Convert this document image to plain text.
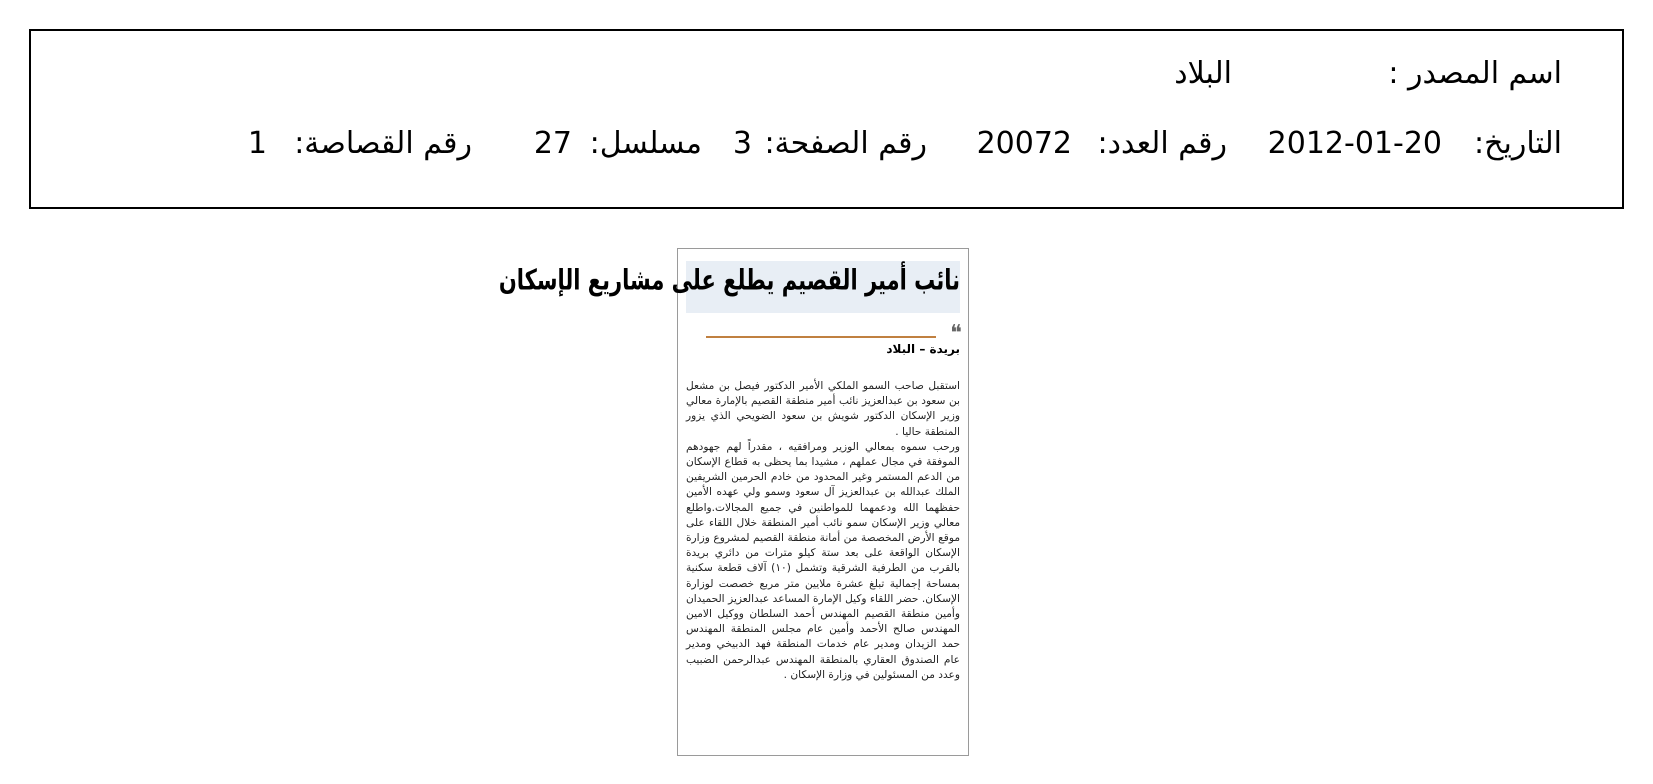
اسم المصدر :
البلاد
التاريخ:
2012-01-20
رقم العدد:
20072
رقم الصفحة:
3
مسلسل:
27
رقم القصاصة:
1
نائب أمير القصيم يطلع على مشاريع الإسكان
❝
بريدة – البلاد

استقبل صاحب السمو الملكي الأمير الدكتور فيصل بن مشعل بن سعود بن عبدالعزيز نائب أمير منطقة القصيم بالإمارة معالي وزير الإسكان الدكتور شويش بن سعود الضويحي الذي يزور المنطقة حاليا .

ورحب سموه بمعالي الوزير ومرافقيه ، مقدراً لهم جهودهم الموفقة في مجال عملهم ، مشيدا بما يحظى به قطاع الإسكان من الدعم المستمر وغير المحدود من خادم الحرمين الشريفين الملك عبدالله بن عبدالعزيز آل سعود وسمو ولي عهده الأمين حفظهما الله ودعمهما للمواطنين في جميع المجالات.واطلع معالي وزير الإسكان سمو نائب أمير المنطقة خلال اللقاء على موقع الأرض المخصصة من أمانة منطقة القصيم لمشروع وزارة الإسكان الواقعة على بعد ستة كيلو مترات من دائري بريدة بالقرب من الطرفية الشرقية وتشمل (١٠) آلاف قطعة سكنية بمساحة إجمالية تبلغ عشرة ملايين متر مربع خصصت لوزارة الإسكان. حضر اللقاء وكيل الإمارة المساعد عبدالعزيز الحميدان وأمين منطقة القصيم المهندس أحمد السلطان ووكيل الامين المهندس صالح الأحمد وأمين عام مجلس المنطقة المهندس حمد الزيدان ومدير عام خدمات المنطقة فهد الدبيخي ومدير عام الصندوق العقاري بالمنطقة المهندس عبدالرحمن الضبيب وعدد من المسئولين في وزارة الإسكان .
